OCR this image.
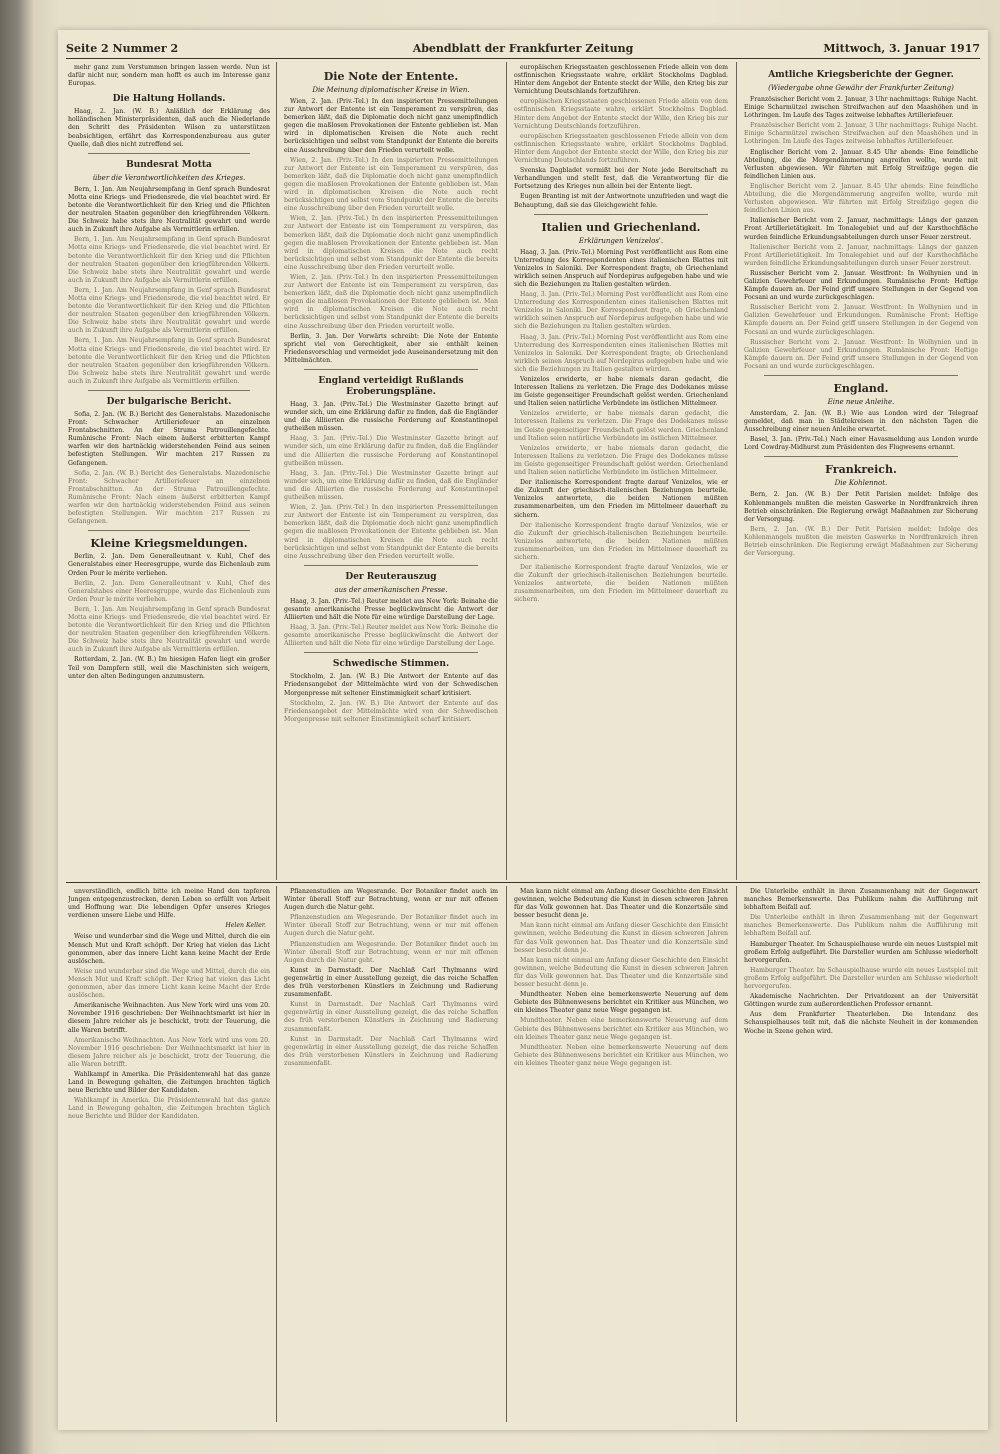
Seite 2 Nummer 2	Abendblatt der Frankfurter Zeitung	Mittwoch, 3. Januar 1917

mehr ganz zum Verstummen bringen lassen werde. Nun ist dafür nicht nur, sondern man hofft es auch im Interesse ganz Europas.

Die Haltung Hollands.

Haag, 2. Jan. (W. B.) Anläßlich der Erklärung des holländischen Ministerpräsidenten, daß auch die Niederlande den Schritt des Präsidenten Wilson zu unterstützen beabsichtigen, erfährt das Korrespondenzbureau aus guter Quelle, daß dies nicht zutreffend sei.

Bundesrat Motta
über die Verantwortlichkeiten des Krieges.

Bern, 1. Jan. Am Neujahrsempfang in Genf sprach Bundesrat Motta eine Kriegs- und Friedensrede, die viel beachtet wird. Er betonte die Verantwortlichkeit für den Krieg und die Pflichten der neutralen Staaten gegenüber den kriegführenden Völkern. Die Schweiz habe stets ihre Neutralität gewahrt und werde auch in Zukunft ihre Aufgabe als Vermittlerin erfüllen.

Bern, 1. Jan. Am Neujahrsempfang in Genf sprach Bundesrat Motta eine Kriegs- und Friedensrede, die viel beachtet wird. Er betonte die Verantwortlichkeit für den Krieg und die Pflichten der neutralen Staaten gegenüber den kriegführenden Völkern. Die Schweiz habe stets ihre Neutralität gewahrt und werde auch in Zukunft ihre Aufgabe als Vermittlerin erfüllen.

Bern, 1. Jan. Am Neujahrsempfang in Genf sprach Bundesrat Motta eine Kriegs- und Friedensrede, die viel beachtet wird. Er betonte die Verantwortlichkeit für den Krieg und die Pflichten der neutralen Staaten gegenüber den kriegführenden Völkern. Die Schweiz habe stets ihre Neutralität gewahrt und werde auch in Zukunft ihre Aufgabe als Vermittlerin erfüllen.

Bern, 1. Jan. Am Neujahrsempfang in Genf sprach Bundesrat Motta eine Kriegs- und Friedensrede, die viel beachtet wird. Er betonte die Verantwortlichkeit für den Krieg und die Pflichten der neutralen Staaten gegenüber den kriegführenden Völkern. Die Schweiz habe stets ihre Neutralität gewahrt und werde auch in Zukunft ihre Aufgabe als Vermittlerin erfüllen.

Der bulgarische Bericht.

Sofia, 2. Jan. (W. B.) Bericht des Generalstabs. Mazedonische Front: Schwacher Artilleriefeuer an einzelnen Frontabschnitten. An der Struma Patrouillengefechte. Rumänische Front: Nach einem äußerst erbitterten Kampf warfen wir den hartnäckig widerstehenden Feind aus seinen befestigten Stellungen. Wir machten 217 Russen zu Gefangenen.

Sofia, 2. Jan. (W. B.) Bericht des Generalstabs. Mazedonische Front: Schwacher Artilleriefeuer an einzelnen Frontabschnitten. An der Struma Patrouillengefechte. Rumänische Front: Nach einem äußerst erbitterten Kampf warfen wir den hartnäckig widerstehenden Feind aus seinen befestigten Stellungen. Wir machten 217 Russen zu Gefangenen.

Kleine Kriegsmeldungen.

Berlin, 2. Jan. Dem Generalleutnant v. Kuhl, Chef des Generalstabes einer Heeresgruppe, wurde das Eichenlaub zum Orden Pour le mérite verliehen.

Berlin, 2. Jan. Dem Generalleutnant v. Kuhl, Chef des Generalstabes einer Heeresgruppe, wurde das Eichenlaub zum Orden Pour le mérite verliehen.

Bern, 1. Jan. Am Neujahrsempfang in Genf sprach Bundesrat Motta eine Kriegs- und Friedensrede, die viel beachtet wird. Er betonte die Verantwortlichkeit für den Krieg und die Pflichten der neutralen Staaten gegenüber den kriegführenden Völkern. Die Schweiz habe stets ihre Neutralität gewahrt und werde auch in Zukunft ihre Aufgabe als Vermittlerin erfüllen.

Rotterdam, 2. Jan. (W. B.) Im hiesigen Hafen liegt ein großer Teil von Dampfern still, weil die Maschinisten sich weigern, unter den alten Bedingungen anzumustern.

Die Note der Entente.
Die Meinung diplomatischer Kreise in Wien.

Wien, 2. Jan. (Priv.-Tel.) In den inspirierten Pressemitteilungen zur Antwort der Entente ist ein Temperament zu verspüren, das bemerken läßt, daß die Diplomatie doch nicht ganz unempfindlich gegen die maßlosen Provokationen der Entente geblieben ist. Man wird in diplomatischen Kreisen die Note auch recht berücksichtigen und selbst vom Standpunkt der Entente die bereits eine Ausschreibung über den Frieden verurteilt wolle.

Wien, 2. Jan. (Priv.-Tel.) In den inspirierten Pressemitteilungen zur Antwort der Entente ist ein Temperament zu verspüren, das bemerken läßt, daß die Diplomatie doch nicht ganz unempfindlich gegen die maßlosen Provokationen der Entente geblieben ist. Man wird in diplomatischen Kreisen die Note auch recht berücksichtigen und selbst vom Standpunkt der Entente die bereits eine Ausschreibung über den Frieden verurteilt wolle.

Wien, 2. Jan. (Priv.-Tel.) In den inspirierten Pressemitteilungen zur Antwort der Entente ist ein Temperament zu verspüren, das bemerken läßt, daß die Diplomatie doch nicht ganz unempfindlich gegen die maßlosen Provokationen der Entente geblieben ist. Man wird in diplomatischen Kreisen die Note auch recht berücksichtigen und selbst vom Standpunkt der Entente die bereits eine Ausschreibung über den Frieden verurteilt wolle.

Wien, 2. Jan. (Priv.-Tel.) In den inspirierten Pressemitteilungen zur Antwort der Entente ist ein Temperament zu verspüren, das bemerken läßt, daß die Diplomatie doch nicht ganz unempfindlich gegen die maßlosen Provokationen der Entente geblieben ist. Man wird in diplomatischen Kreisen die Note auch recht berücksichtigen und selbst vom Standpunkt der Entente die bereits eine Ausschreibung über den Frieden verurteilt wolle.

Berlin, 3. Jan. Der Vorwärts schreibt: Die Note der Entente spricht viel von Gerechtigkeit, aber sie enthält keinen Friedensvorschlag und vermeidet jede Auseinandersetzung mit den Mittelmächten.

England verteidigt Rußlands Eroberungspläne.

Haag, 3. Jan. (Priv.-Tel.) Die Westminster Gazette bringt auf wunder sich, um eine Erklärung dafür zu finden, daß die Engländer und die Alliierten die russische Forderung auf Konstantinopel gutheißen müssen.

Haag, 3. Jan. (Priv.-Tel.) Die Westminster Gazette bringt auf wunder sich, um eine Erklärung dafür zu finden, daß die Engländer und die Alliierten die russische Forderung auf Konstantinopel gutheißen müssen.

Haag, 3. Jan. (Priv.-Tel.) Die Westminster Gazette bringt auf wunder sich, um eine Erklärung dafür zu finden, daß die Engländer und die Alliierten die russische Forderung auf Konstantinopel gutheißen müssen.

Wien, 2. Jan. (Priv.-Tel.) In den inspirierten Pressemitteilungen zur Antwort der Entente ist ein Temperament zu verspüren, das bemerken läßt, daß die Diplomatie doch nicht ganz unempfindlich gegen die maßlosen Provokationen der Entente geblieben ist. Man wird in diplomatischen Kreisen die Note auch recht berücksichtigen und selbst vom Standpunkt der Entente die bereits eine Ausschreibung über den Frieden verurteilt wolle.

Der Reuterauszug
aus der amerikanischen Presse.

Haag, 3. Jan. (Priv.-Tel.) Reuter meldet aus New York: Beinahe die gesamte amerikanische Presse beglückwünscht die Antwort der Alliierten und hält die Note für eine würdige Darstellung der Lage.

Haag, 3. Jan. (Priv.-Tel.) Reuter meldet aus New York: Beinahe die gesamte amerikanische Presse beglückwünscht die Antwort der Alliierten und hält die Note für eine würdige Darstellung der Lage.

Schwedische Stimmen.

Stockholm, 2. Jan. (W. B.) Die Antwort der Entente auf das Friedensangebot der Mittelmächte wird von der Schwedischen Morgenpresse mit seltener Einstimmigkeit scharf kritisiert.

Stockholm, 2. Jan. (W. B.) Die Antwort der Entente auf das Friedensangebot der Mittelmächte wird von der Schwedischen Morgenpresse mit seltener Einstimmigkeit scharf kritisiert.

europäischen Kriegsstaaten geschlossenen Friede allein von dem ostfinnischen Kriegsstaate wahre, erklärt Stockholms Dagblad. Hinter dem Angebot der Entente steckt der Wille, den Krieg bis zur Vernichtung Deutschlands fortzuführen.

europäischen Kriegsstaaten geschlossenen Friede allein von dem ostfinnischen Kriegsstaate wahre, erklärt Stockholms Dagblad. Hinter dem Angebot der Entente steckt der Wille, den Krieg bis zur Vernichtung Deutschlands fortzuführen.

europäischen Kriegsstaaten geschlossenen Friede allein von dem ostfinnischen Kriegsstaate wahre, erklärt Stockholms Dagblad. Hinter dem Angebot der Entente steckt der Wille, den Krieg bis zur Vernichtung Deutschlands fortzuführen.

Svenska Dagbladet vermißt bei der Note jede Bereitschaft zu Verhandlungen und stellt fest, daß die Verantwortung für die Fortsetzung des Krieges nun allein bei der Entente liegt.

Eugen Branting ist mit der Antwortnote unzufrieden und wagt die Behauptung, daß sie das Gleichgewicht fehle.

Italien und Griechenland.
Erklärungen Venizelos'.

Haag, 3. Jan. (Priv.-Tel.) Morning Post veröffentlicht aus Rom eine Unterredung des Korrespondenten eines italienischen Blattes mit Venizelos in Saloniki. Der Korrespondent fragte, ob Griechenland wirklich seinen Anspruch auf Nordepirus aufgegeben habe und wie sich die Beziehungen zu Italien gestalten würden.

Haag, 3. Jan. (Priv.-Tel.) Morning Post veröffentlicht aus Rom eine Unterredung des Korrespondenten eines italienischen Blattes mit Venizelos in Saloniki. Der Korrespondent fragte, ob Griechenland wirklich seinen Anspruch auf Nordepirus aufgegeben habe und wie sich die Beziehungen zu Italien gestalten würden.

Haag, 3. Jan. (Priv.-Tel.) Morning Post veröffentlicht aus Rom eine Unterredung des Korrespondenten eines italienischen Blattes mit Venizelos in Saloniki. Der Korrespondent fragte, ob Griechenland wirklich seinen Anspruch auf Nordepirus aufgegeben habe und wie sich die Beziehungen zu Italien gestalten würden.

Venizelos erwiderte, er habe niemals daran gedacht, die Interessen Italiens zu verletzen. Die Frage des Dodekanes müsse im Geiste gegenseitiger Freundschaft gelöst werden. Griechenland und Italien seien natürliche Verbündete im östlichen Mittelmeer.

Venizelos erwiderte, er habe niemals daran gedacht, die Interessen Italiens zu verletzen. Die Frage des Dodekanes müsse im Geiste gegenseitiger Freundschaft gelöst werden. Griechenland und Italien seien natürliche Verbündete im östlichen Mittelmeer.

Venizelos erwiderte, er habe niemals daran gedacht, die Interessen Italiens zu verletzen. Die Frage des Dodekanes müsse im Geiste gegenseitiger Freundschaft gelöst werden. Griechenland und Italien seien natürliche Verbündete im östlichen Mittelmeer.

Der italienische Korrespondent fragte darauf Venizelos, wie er die Zukunft der griechisch-italienischen Beziehungen beurteile. Venizelos antwortete, die beiden Nationen müßten zusammenarbeiten, um den Frieden im Mittelmeer dauerhaft zu sichern.

Der italienische Korrespondent fragte darauf Venizelos, wie er die Zukunft der griechisch-italienischen Beziehungen beurteile. Venizelos antwortete, die beiden Nationen müßten zusammenarbeiten, um den Frieden im Mittelmeer dauerhaft zu sichern.

Der italienische Korrespondent fragte darauf Venizelos, wie er die Zukunft der griechisch-italienischen Beziehungen beurteile. Venizelos antwortete, die beiden Nationen müßten zusammenarbeiten, um den Frieden im Mittelmeer dauerhaft zu sichern.

Amtliche Kriegsberichte der Gegner.
(Wiedergabe ohne Gewähr der Frankfurter Zeitung)

Französischer Bericht vom 2. Januar, 3 Uhr nachmittags: Ruhige Nacht. Einige Scharmützel zwischen Streifwachen auf den Maashöhen und in Lothringen. Im Laufe des Tages zeitweise lebhaftes Artilleriefeuer.

Französischer Bericht vom 2. Januar, 3 Uhr nachmittags: Ruhige Nacht. Einige Scharmützel zwischen Streifwachen auf den Maashöhen und in Lothringen. Im Laufe des Tages zeitweise lebhaftes Artilleriefeuer.

Englischer Bericht vom 2. Januar. 8.45 Uhr abends: Eine feindliche Abteilung, die die Morgendämmerung angreifen wollte, wurde mit Verlusten abgewiesen. Wir führten mit Erfolg Streifzüge gegen die feindlichen Linien aus.

Englischer Bericht vom 2. Januar. 8.45 Uhr abends: Eine feindliche Abteilung, die die Morgendämmerung angreifen wollte, wurde mit Verlusten abgewiesen. Wir führten mit Erfolg Streifzüge gegen die feindlichen Linien aus.

Italienischer Bericht vom 2. Januar, nachmittags: Längs der ganzen Front Artillerietätigkeit. Im Tonalegebiet und auf der Karsthochfläche wurden feindliche Erkundungsabteilungen durch unser Feuer zerstreut.

Italienischer Bericht vom 2. Januar, nachmittags: Längs der ganzen Front Artillerietätigkeit. Im Tonalegebiet und auf der Karsthochfläche wurden feindliche Erkundungsabteilungen durch unser Feuer zerstreut.

Russischer Bericht vom 2. Januar. Westfront: In Wolhynien und in Galizien Gewehrfeuer und Erkundungen. Rumänische Front: Heftige Kämpfe dauern an. Der Feind griff unsere Stellungen in der Gegend von Focsani an und wurde zurückgeschlagen.

Russischer Bericht vom 2. Januar. Westfront: In Wolhynien und in Galizien Gewehrfeuer und Erkundungen. Rumänische Front: Heftige Kämpfe dauern an. Der Feind griff unsere Stellungen in der Gegend von Focsani an und wurde zurückgeschlagen.

Russischer Bericht vom 2. Januar. Westfront: In Wolhynien und in Galizien Gewehrfeuer und Erkundungen. Rumänische Front: Heftige Kämpfe dauern an. Der Feind griff unsere Stellungen in der Gegend von Focsani an und wurde zurückgeschlagen.

England.
Eine neue Anleihe.

Amsterdam, 2. Jan. (W. B.) Wie aus London wird der Telegraaf gemeldet, daß man in Städtekreisen in den nächsten Tagen die Ausschreibung einer neuen Anleihe erwartet.

Basel, 3. Jan. (Priv.-Tel.) Nach einer Havasmeldung aus London wurde Lord Cowdray-Midhurst zum Präsidenten des Flugwesens ernannt.

Frankreich.
Die Kohlennot.

Bern, 2. Jan. (W. B.) Der Petit Parisien meldet: Infolge des Kohlenmangels mußten die meisten Gaswerke in Nordfrankreich ihren Betrieb einschränken. Die Regierung erwägt Maßnahmen zur Sicherung der Versorgung.

Bern, 2. Jan. (W. B.) Der Petit Parisien meldet: Infolge des Kohlenmangels mußten die meisten Gaswerke in Nordfrankreich ihren Betrieb einschränken. Die Regierung erwägt Maßnahmen zur Sicherung der Versorgung.

unverständlich, endlich bitte ich meine Hand den tapferen Jungen entgegenzustrecken, deren Leben so erfüllt von Arbeit und Hoffnung war. Die lebendigen Opfer unseres Krieges verdienen unsere Liebe und Hilfe.

Helen Keller.

Weise und wunderbar sind die Wege und Mittel, durch die ein Mensch Mut und Kraft schöpft. Der Krieg hat vielen das Licht genommen, aber das innere Licht kann keine Macht der Erde auslöschen.

Weise und wunderbar sind die Wege und Mittel, durch die ein Mensch Mut und Kraft schöpft. Der Krieg hat vielen das Licht genommen, aber das innere Licht kann keine Macht der Erde auslöschen.

Amerikanische Weihnachten. Aus New York wird uns vom 20. November 1916 geschrieben: Der Weihnachtsmarkt ist hier in diesem Jahre reicher als je beschickt, trotz der Teuerung, die alle Waren betrifft.

Amerikanische Weihnachten. Aus New York wird uns vom 20. November 1916 geschrieben: Der Weihnachtsmarkt ist hier in diesem Jahre reicher als je beschickt, trotz der Teuerung, die alle Waren betrifft.

Wahlkampf in Amerika. Die Präsidentenwahl hat das ganze Land in Bewegung gehalten, die Zeitungen brachten täglich neue Berichte und Bilder der Kandidaten.

Wahlkampf in Amerika. Die Präsidentenwahl hat das ganze Land in Bewegung gehalten, die Zeitungen brachten täglich neue Berichte und Bilder der Kandidaten.

Pflanzenstudien am Wegesrande. Der Botaniker findet auch im Winter überall Stoff zur Betrachtung, wenn er nur mit offenen Augen durch die Natur geht.

Pflanzenstudien am Wegesrande. Der Botaniker findet auch im Winter überall Stoff zur Betrachtung, wenn er nur mit offenen Augen durch die Natur geht.

Pflanzenstudien am Wegesrande. Der Botaniker findet auch im Winter überall Stoff zur Betrachtung, wenn er nur mit offenen Augen durch die Natur geht.

Kunst in Darmstadt. Der Nachlaß Carl Thylmanns wird gegenwärtig in einer Ausstellung gezeigt, die das reiche Schaffen des früh verstorbenen Künstlers in Zeichnung und Radierung zusammenfaßt.

Kunst in Darmstadt. Der Nachlaß Carl Thylmanns wird gegenwärtig in einer Ausstellung gezeigt, die das reiche Schaffen des früh verstorbenen Künstlers in Zeichnung und Radierung zusammenfaßt.

Kunst in Darmstadt. Der Nachlaß Carl Thylmanns wird gegenwärtig in einer Ausstellung gezeigt, die das reiche Schaffen des früh verstorbenen Künstlers in Zeichnung und Radierung zusammenfaßt.

Man kann nicht einmal am Anfang dieser Geschichte den Einsicht gewinnen, welche Bedeutung die Kunst in diesen schweren Jahren für das Volk gewonnen hat. Das Theater und die Konzertsäle sind besser besucht denn je.

Man kann nicht einmal am Anfang dieser Geschichte den Einsicht gewinnen, welche Bedeutung die Kunst in diesen schweren Jahren für das Volk gewonnen hat. Das Theater und die Konzertsäle sind besser besucht denn je.

Man kann nicht einmal am Anfang dieser Geschichte den Einsicht gewinnen, welche Bedeutung die Kunst in diesen schweren Jahren für das Volk gewonnen hat. Das Theater und die Konzertsäle sind besser besucht denn je.

Mundtheater. Neben eine bemerkenswerte Neuerung auf dem Gebiete des Bühnenwesens berichtet ein Kritiker aus München, wo ein kleines Theater ganz neue Wege gegangen ist.

Mundtheater. Neben eine bemerkenswerte Neuerung auf dem Gebiete des Bühnenwesens berichtet ein Kritiker aus München, wo ein kleines Theater ganz neue Wege gegangen ist.

Mundtheater. Neben eine bemerkenswerte Neuerung auf dem Gebiete des Bühnenwesens berichtet ein Kritiker aus München, wo ein kleines Theater ganz neue Wege gegangen ist.

Die Unterleibe enthält in ihren Zusammenhang mit der Gegenwart manches Bemerkenswerte. Das Publikum nahm die Aufführung mit lebhaftem Beifall auf.

Die Unterleibe enthält in ihren Zusammenhang mit der Gegenwart manches Bemerkenswerte. Das Publikum nahm die Aufführung mit lebhaftem Beifall auf.

Hamburger Theater. Im Schauspielhause wurde ein neues Lustspiel mit großem Erfolg aufgeführt. Die Darsteller wurden am Schlusse wiederholt hervorgerufen.

Hamburger Theater. Im Schauspielhause wurde ein neues Lustspiel mit großem Erfolg aufgeführt. Die Darsteller wurden am Schlusse wiederholt hervorgerufen.

Akademische Nachrichten. Der Privatdozent an der Universität Göttingen wurde zum außerordentlichen Professor ernannt.

Aus dem Frankfurter Theaterleben. Die Intendanz des Schauspielhauses teilt mit, daß die nächste Neuheit in der kommenden Woche in Szene gehen wird.
